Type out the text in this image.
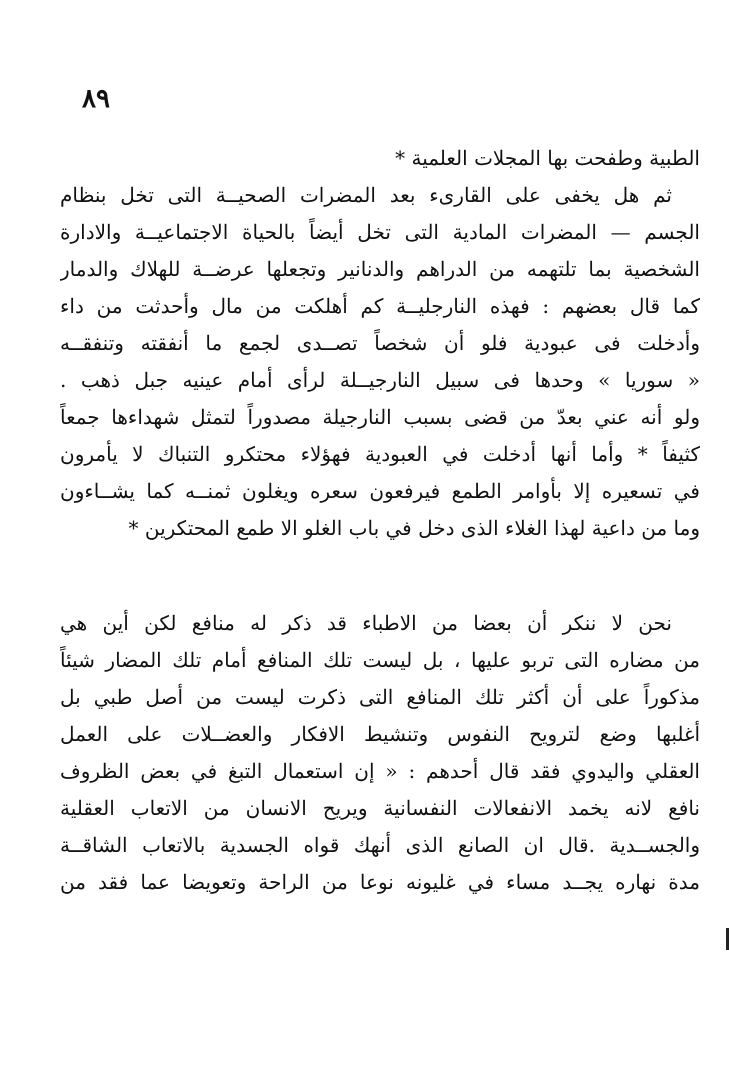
٨٩
الطبية وطفحت بها المجلات العلمية *
ثم هل يخفى على القارىء بعد المضرات الصحيــة التى تخل بنظام
الجسم — المضرات المادية التى تخل أيضاً بالحياة الاجتماعيــة والادارة
الشخصية بما تلتهمه من الدراهم والدنانير وتجعلها عرضــة للهلاك والدمار
كما قال بعضهم : فهذه النارجليــة كم أهلكت من مال وأحدثت من داء
وأدخلت فى عبودية فلو أن شخصاً تصــدى لجمع ما أنفقته وتنفقــه
« سوريا » وحدها فى سبيل النارجيــلة لرأى أمام عينيه جبل ذهب .
ولو أنه عني بعدّ من قضى بسبب النارجيلة مصدوراً لتمثل شهداءها جمعاً
كثيفاً * وأما أنها أدخلت في العبودية فهؤلاء محتكرو التنباك لا يأمرون
في تسعيره إلا بأوامر الطمع فيرفعون سعره ويغلون ثمنــه كما يشــاءون
وما من داعية لهذا الغلاء الذى دخل في باب الغلو الا طمع المحتكرين *
نحن لا ننكر أن بعضا من الاطباء قد ذكر له منافع لكن أين هي
من مضاره التى تربو عليها ، بل ليست تلك المنافع أمام تلك المضار شيئاً
مذكوراً على أن أكثر تلك المنافع التى ذكرت ليست من أصل طبي بل
أغلبها وضع لترويح النفوس وتنشيط الافكار والعضــلات على العمل
العقلي واليدوي فقد قال أحدهم : « إن استعمال التبغ في بعض الظروف
نافع لانه يخمد الانفعالات النفسانية ويريح الانسان من الاتعاب العقلية
والجســدية .قال ان الصانع الذى أنهك قواه الجسدية بالاتعاب الشاقــة
مدة نهاره يجــد مساء في غليونه نوعا من الراحة وتعويضا عما فقد من
